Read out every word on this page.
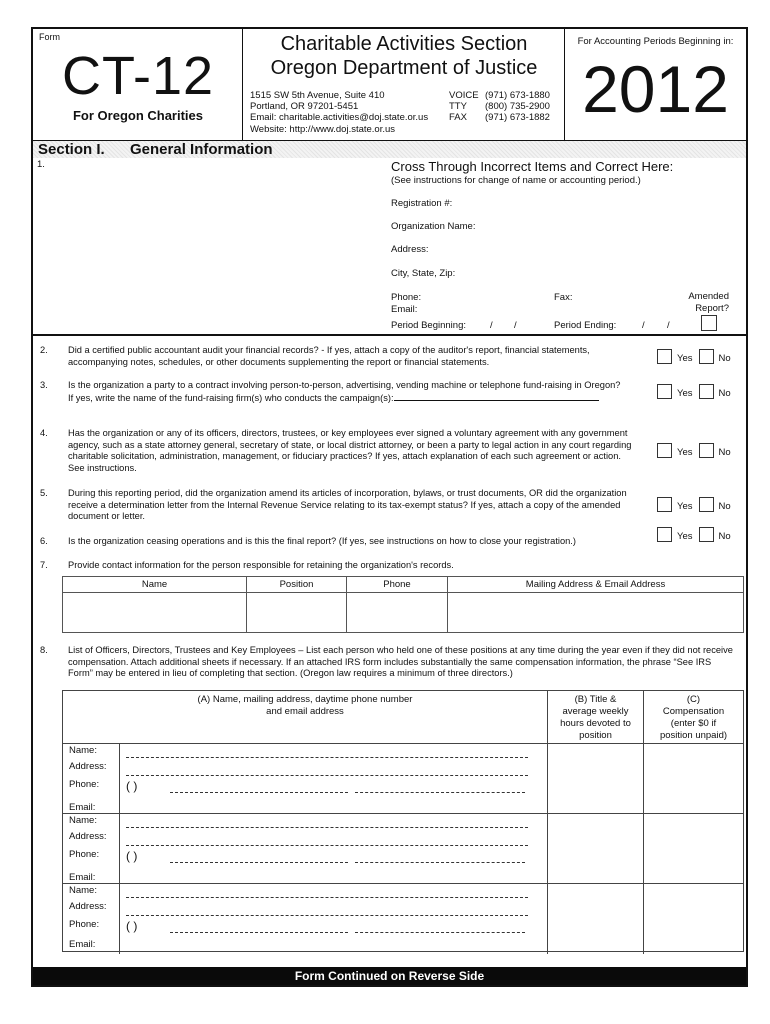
Form
CT-12
For Oregon Charities
Charitable Activities Section
Oregon Department of Justice
1515 SW 5th Avenue, Suite 410
Portland, OR 97201-5451
Email: charitable.activities@doj.state.or.us
Website: http://www.doj.state.or.us
VOICE (971) 673-1880
TTY	(800) 735-2900
FAX	(971) 673-1882
For Accounting Periods Beginning in:
2012
Section I. General Information
1.	Cross Through Incorrect Items and Correct Here:
(See instructions for change of name or accounting period.)
Registration #:
Organization Name:
Address:
City, State, Zip:
Phone:	Fax:
Email:
Period Beginning:	/ /	Period Ending:	/ /
Amended
Report?
2. Did a certified public accountant audit your financial records? - If yes, attach a copy of the auditor's report, financial statements, accompanying notes, schedules, or other documents supplementing the report or financial statements.	Yes	No
3. Is the organization a party to a contract involving person-to-person, advertising, vending machine or telephone fund-raising in Oregon?
If yes, write the name of the fund-raising firm(s) who conducts the campaign(s):	Yes	No
4. Has the organization or any of its officers, directors, trustees, or key employees ever signed a voluntary agreement with any government agency, such as a state attorney general, secretary of state, or local district attorney, or been a party to legal action in any court regarding charitable solicitation, administration, management, or fiduciary practices? If yes, attach explanation of each such agreement or action. See instructions.
Yes	No
5. During this reporting period, did the organization amend its articles of incorporation, bylaws, or trust documents, OR did the organization receive a determination letter from the Internal Revenue Service relating to its tax-exempt status? If yes, attach a copy of the amended document or letter.
Yes	No
6. Is the organization ceasing operations and is this the final report? (If yes, see instructions on how to close your registration.)	Yes	No
7. Provide contact information for the person responsible for retaining the organization's records.
Name	Position	Phone	Mailing Address & Email Address

8. List of Officers, Directors, Trustees and Key Employees – List each person who held one of these positions at any time during the year even if they did not receive compensation. Attach additional sheets if necessary. If an attached IRS form includes substantially the same compensation information, the phrase “See IRS Form” may be entered in lieu of completing that section. (Oregon law requires a minimum of three directors.)
(A) Name, mailing address, daytime phone number
and email address
(B) Title &
average weekly
hours devoted to
position
(C)
Compensation
(enter $0 if
position unpaid)
Name:
Address:
Phone:
Email:
( )
Name:
Address:
Phone:
Email:
( )
Name:
Address:
Phone:
Email:
( )
Form Continued on Reverse Side
